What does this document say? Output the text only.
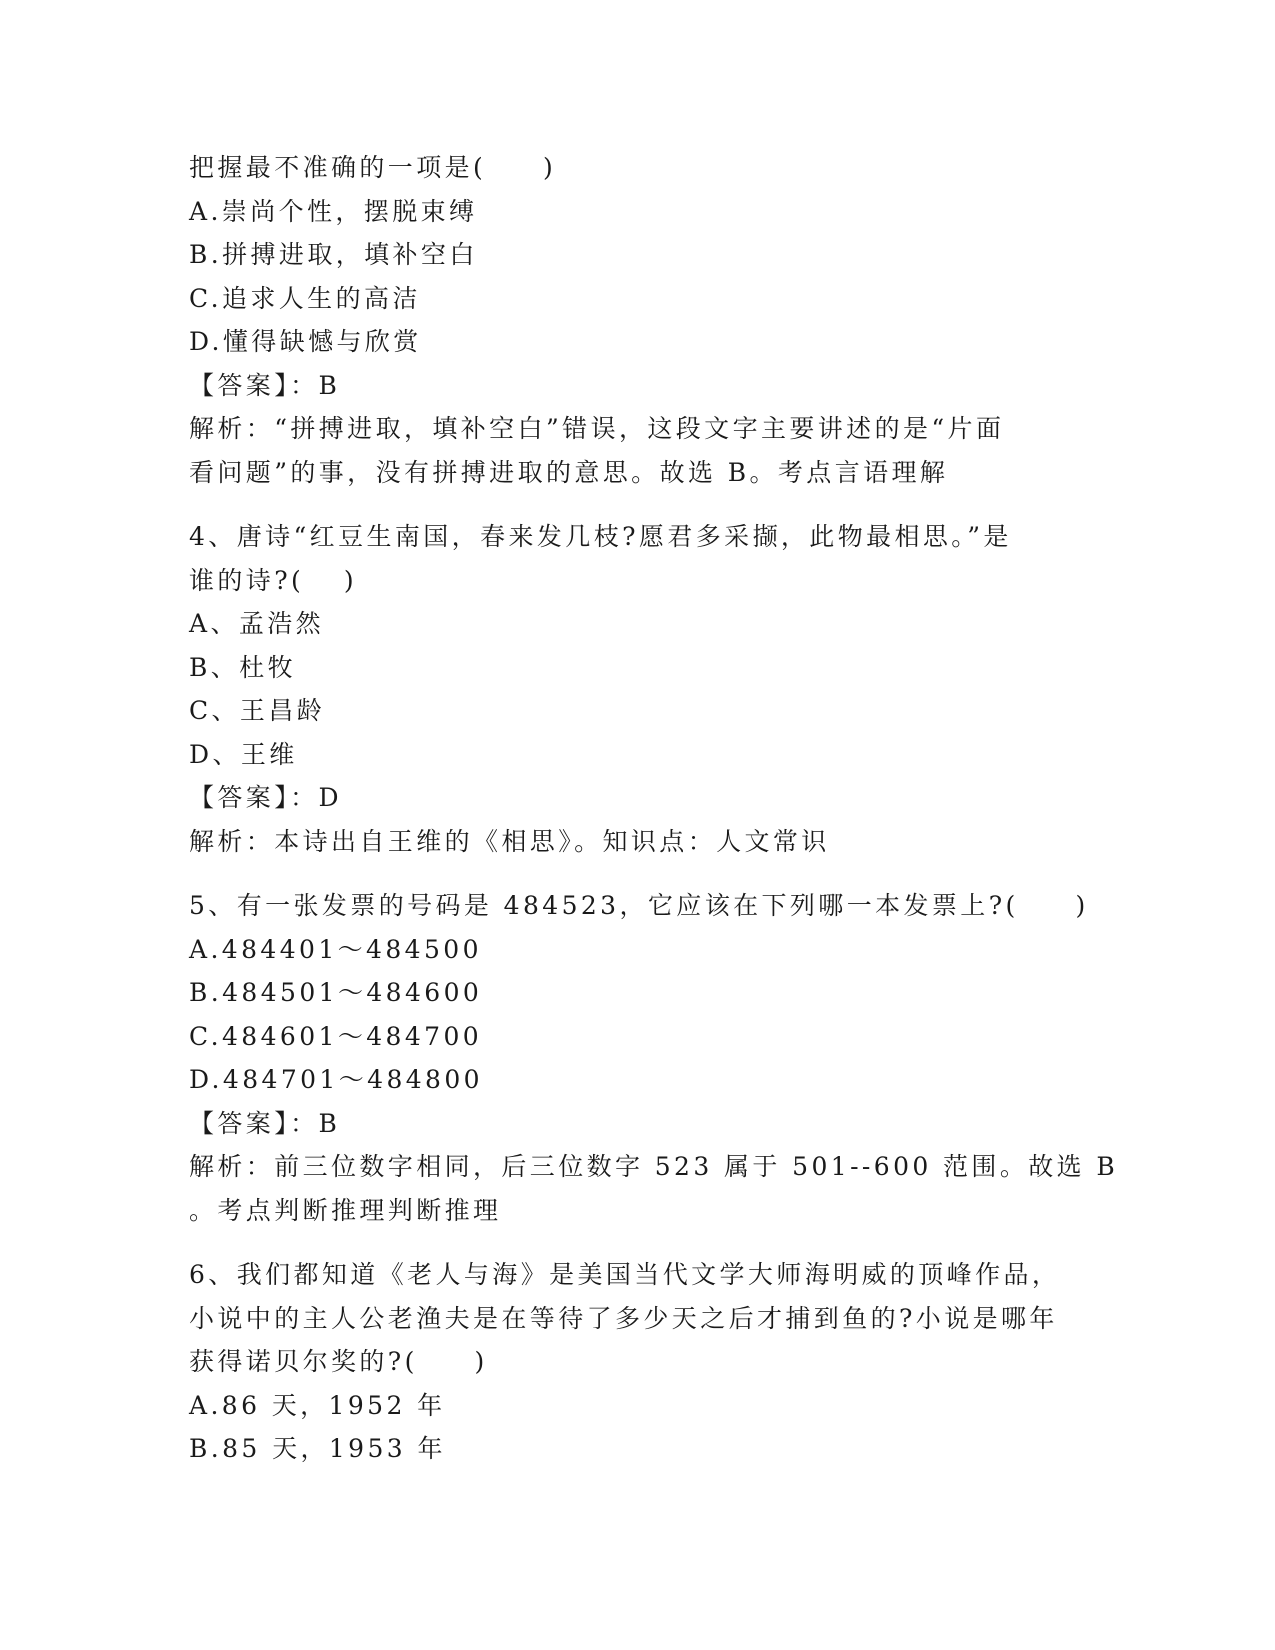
把握最不准确的一项是(　　)
A.崇尚个性，摆脱束缚
B.拼搏进取，填补空白
C.追求人生的高洁
D.懂得缺憾与欣赏
【答案】：B
解析：“拼搏进取，填补空白”错误，这段文字主要讲述的是“片面
看问题”的事，没有拼搏进取的意思。故选 B。考点言语理解
4、唐诗“红豆生南国，春来发几枝?愿君多采撷，此物最相思。”是
谁的诗?(　 )
A、孟浩然
B、杜牧
C、王昌龄
D、王维
【答案】：D
解析：本诗出自王维的《相思》。知识点：人文常识
5、有一张发票的号码是 484523，它应该在下列哪一本发票上?(　　)
A.484401～484500
B.484501～484600
C.484601～484700
D.484701～484800
【答案】：B
解析：前三位数字相同，后三位数字 523 属于 501--600 范围。故选 B
。考点判断推理判断推理
6、我们都知道《老人与海》是美国当代文学大师海明威的顶峰作品，
小说中的主人公老渔夫是在等待了多少天之后才捕到鱼的?小说是哪年
获得诺贝尔奖的?(　　)
A.86 天，1952 年
B.85 天，1953 年
